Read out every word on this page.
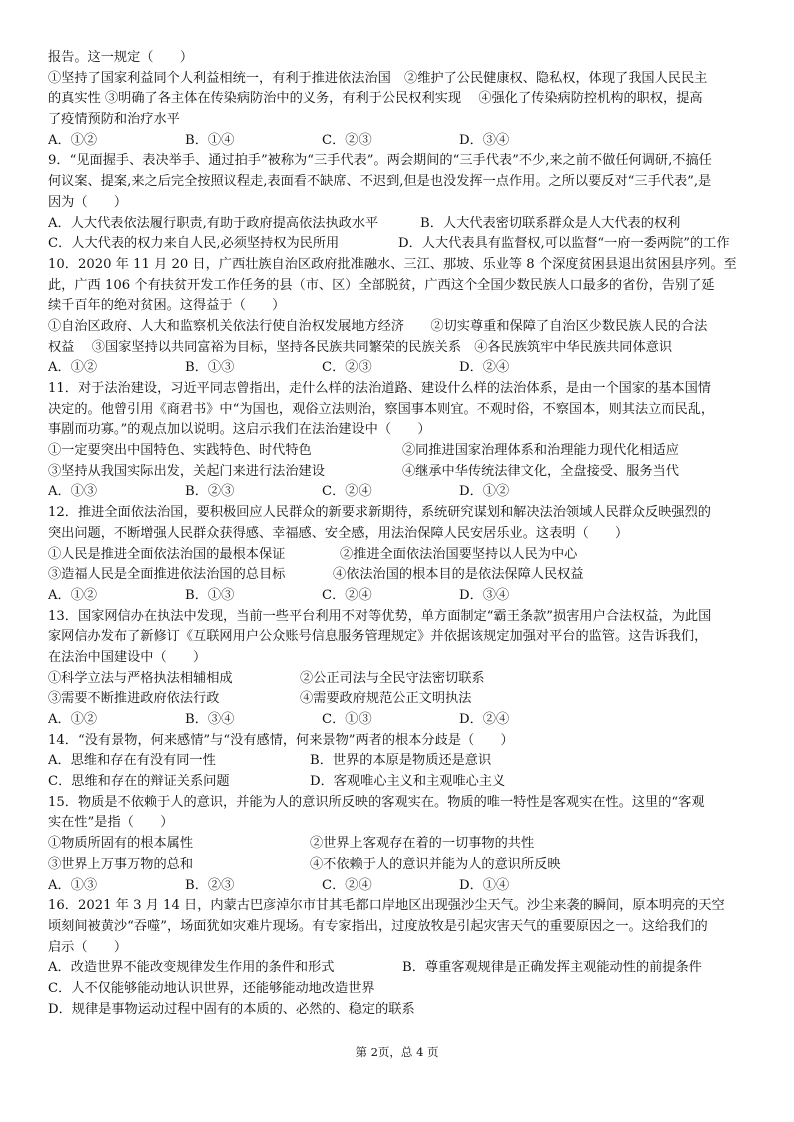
报告。这一规定（　　）
①坚持了国家利益同个人利益相统一，有利于推进依法治国　②维护了公民健康权、隐私权，体现了我国人民民主
的真实性 ③明确了各主体在传染病防治中的义务，有利于公民权利实现　 ④强化了传染病防控机构的职权，提高
了疫情预防和治疗水平
A．①②	B．①④	C．②③	D．③④
9．“见面握手、表决举手、通过拍手”被称为“三手代表”。两会期间的“三手代表”不少,来之前不做任何调研,不搞任
何议案、提案,来之后完全按照议程走,表面看不缺席、不迟到,但是也没发挥一点作用。之所以要反对“三手代表”,是
因为（　　）
A．人大代表依法履行职责,有助于政府提高依法执政水平	B．人大代表密切联系群众是人大代表的权利
C．人大代表的权力来自人民,必须坚持权为民所用	D．人大代表具有监督权,可以监督“一府一委两院”的工作
10．2020 年 11 月 20 日，广西壮族自治区政府批准融水、三江、那坡、乐业等 8 个深度贫困县退出贫困县序列。至
此，广西 106 个有扶贫开发工作任务的县（市、区）全部脱贫，广西这个全国少数民族人口最多的省份，告别了延
续千百年的绝对贫困。这得益于（　　）
①自治区政府、人大和监察机关依法行使自治权发展地方经济　　②切实尊重和保障了自治区少数民族人民的合法
权益　 ③国家坚持以共同富裕为目标，坚持各民族共同繁荣的民族关系　④各民族筑牢中华民族共同体意识
A．①②	B．①③	C．②③	D．②④
11．对于法治建设，习近平同志曾指出，走什么样的法治道路、建设什么样的法治体系，是由一个国家的基本国情
决定的。他曾引用《商君书》中“为国也，观俗立法则治，察国事本则宜。不观时俗，不察国本，则其法立而民乱，
事剧而功寡。”的观点加以说明。这启示我们在法治建设中（　　）
①一定要突出中国特色、实践特色、时代特色	②同推进国家治理体系和治理能力现代化相适应
③坚持从我国实际出发，关起门来进行法治建设	④继承中华传统法律文化，全盘接受、服务当代
A．①③	B．②③	C．②④	D．①②
12．推进全面依法治国，要积极回应人民群众的新要求新期待，系统研究谋划和解决法治领域人民群众反映强烈的
突出问题，不断增强人民群众获得感、幸福感、安全感，用法治保障人民安居乐业。这表明（　　）
①人民是推进全面依法治国的最根本保证	②推进全面依法治国要坚持以人民为中心
③造福人民是全面推进依法治国的总目标	④依法治国的根本目的是依法保障人民权益
A．①②	B．①③	C．②④	D．③④
13．国家网信办在执法中发现，当前一些平台利用不对等优势，单方面制定“霸王条款”损害用户合法权益，为此国
家网信办发布了新修订《互联网用户公众账号信息服务管理规定》并依据该规定加强对平台的监管。这告诉我们，
在法治中国建设中（　　）
①科学立法与严格执法相辅相成	②公正司法与全民守法密切联系
③需要不断推进政府依法行政	④需要政府规范公正文明执法
A．①②	B．③④	C．①③	D．②④
14．“没有景物，何来感情”与“没有感情，何来景物”两者的根本分歧是（　　）
A．思维和存在有没有同一性	B．世界的本原是物质还是意识
C．思维和存在的辩证关系问题	D．客观唯心主义和主观唯心主义
15．物质是不依赖于人的意识，并能为人的意识所反映的客观实在。物质的唯一特性是客观实在性。这里的“客观
实在性”是指（　　）
①物质所固有的根本属性	②世界上客观存在着的一切事物的共性
③世界上万事万物的总和	④不依赖于人的意识并能为人的意识所反映
A．①③	B．②③	C．②④	D．①④
16．2021 年 3 月 14 日，内蒙古巴彦淖尔市甘其毛都口岸地区出现强沙尘天气。沙尘来袭的瞬间，原本明亮的天空
顷刻间被黄沙“吞噬”，场面犹如灾难片现场。有专家指出，过度放牧是引起灾害天气的重要原因之一。这给我们的
启示（　　）
A．改造世界不能改变规律发生作用的条件和形式	B．尊重客观规律是正确发挥主观能动性的前提条件
C．人不仅能够能动地认识世界，还能够能动地改造世界
D．规律是事物运动过程中固有的本质的、必然的、稳定的联系
第 2页，总 4 页
